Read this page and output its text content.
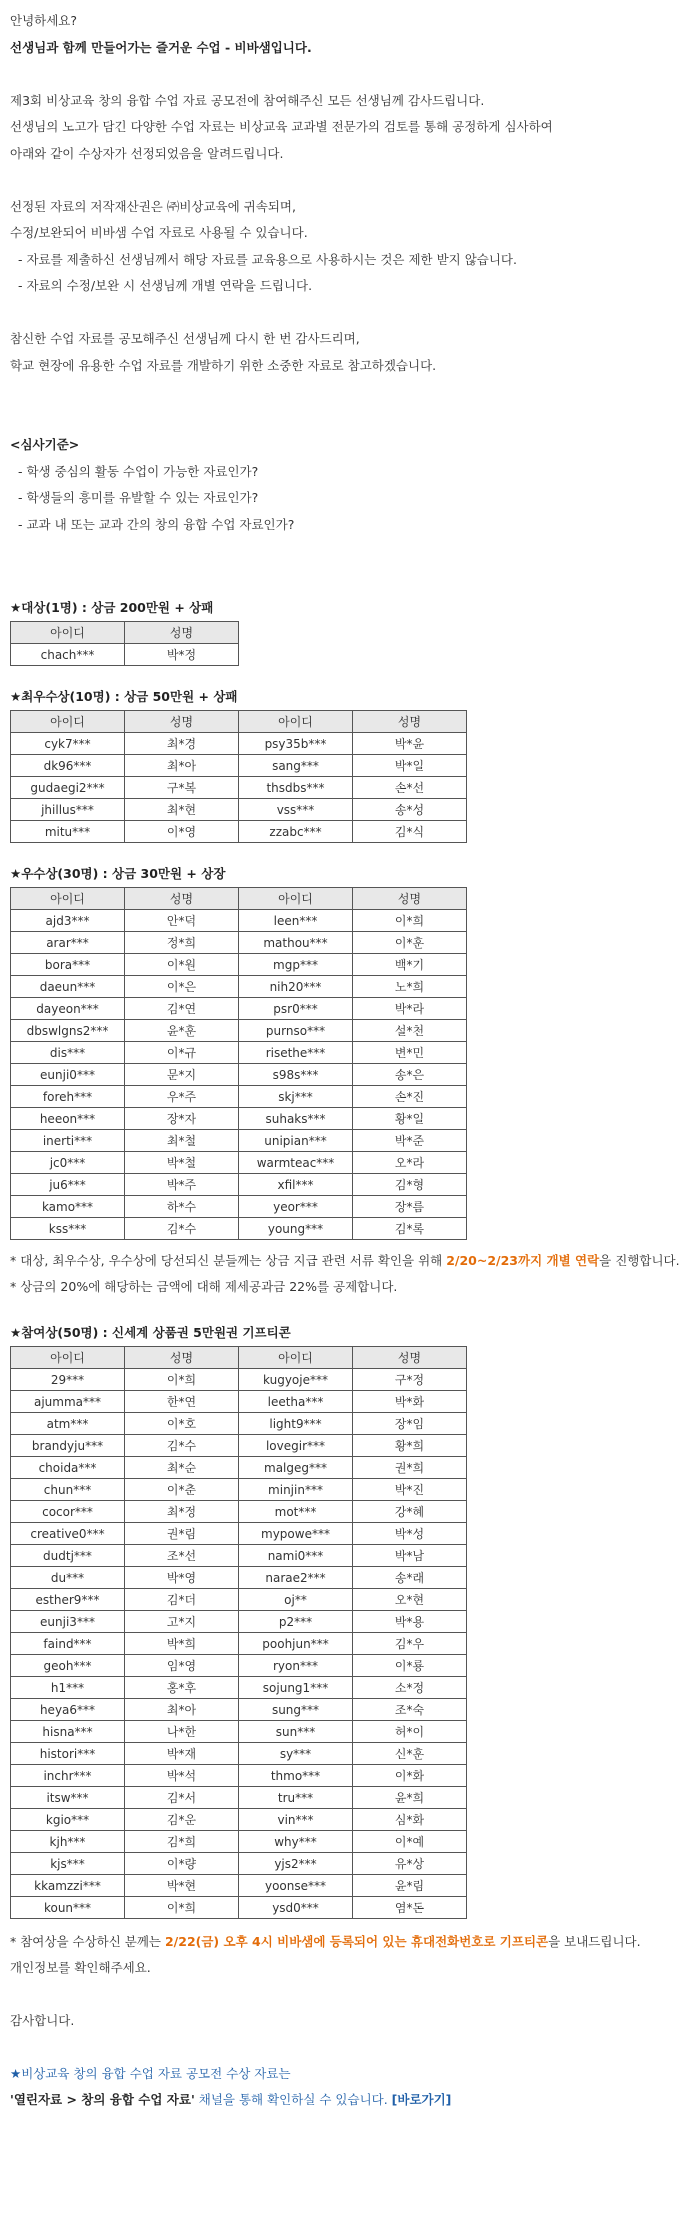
안녕하세요?
선생님과 함께 만들어가는 즐거운 수업 - 비바샘입니다.
제3회 비상교육 창의 융합 수업 자료 공모전에 참여해주신 모든 선생님께 감사드립니다.
선생님의 노고가 담긴 다양한 수업 자료는 비상교육 교과별 전문가의 검토를 통해 공정하게 심사하여
아래와 같이 수상자가 선정되었음을 알려드립니다.
선정된 자료의 저작재산권은 ㈜비상교육에 귀속되며,
수정/보완되어 비바샘 수업 자료로 사용될 수 있습니다.
- 자료를 제출하신 선생님께서 해당 자료를 교육용으로 사용하시는 것은 제한 받지 않습니다.
- 자료의 수정/보완 시 선생님께 개별 연락을 드립니다.
참신한 수업 자료를 공모해주신 선생님께 다시 한 번 감사드리며,
학교 현장에 유용한 수업 자료를 개발하기 위한 소중한 자료로 참고하겠습니다.
<심사기준>
- 학생 중심의 활동 수업이 가능한 자료인가?
- 학생들의 흥미를 유발할 수 있는 자료인가?
- 교과 내 또는 교과 간의 창의 융합 수업 자료인가?
★대상(1명) : 상금 200만원 + 상패
아이디	성명
chach***	박*정
★최우수상(10명) : 상금 50만원 + 상패
아이디	성명	아이디	성명
cyk7***	최*경	psy35b***	박*윤
dk96***	최*아	sang***	박*일
gudaegi2***	구*복	thsdbs***	손*선
jhillus***	최*현	vss***	송*성
mitu***	이*영	zzabc***	김*식
★우수상(30명) : 상금 30만원 + 상장
아이디	성명	아이디	성명
ajd3***	안*덕	leen***	이*희
arar***	정*희	mathou***	이*훈
bora***	이*원	mgp***	백*기
daeun***	이*은	nih20***	노*희
dayeon***	김*연	psr0***	박*라
dbswlgns2***	윤*훈	purnso***	설*천
dis***	이*규	risethe***	변*민
eunji0***	문*지	s98s***	송*은
foreh***	우*주	skj***	손*진
heeon***	장*자	suhaks***	황*일
inerti***	최*철	unipian***	박*준
jc0***	박*철	warmteac***	오*라
ju6***	박*주	xfil***	김*형
kamo***	하*수	yeor***	장*름
kss***	김*수	young***	김*록
* 대상, 최우수상, 우수상에 당선되신 분들께는 상금 지급 관련 서류 확인을 위해 2/20~2/23까지 개별 연락을 진행합니다.
* 상금의 20%에 해당하는 금액에 대해 제세공과금 22%를 공제합니다.
★참여상(50명) : 신세계 상품권 5만원권 기프티콘
아이디	성명	아이디	성명
29***	이*희	kugyoje***	구*정
ajumma***	한*연	leetha***	박*화
atm***	이*호	light9***	장*임
brandyju***	김*수	lovegir***	황*희
choida***	최*순	malgeg***	권*희
chun***	이*춘	minjin***	박*진
cocor***	최*정	mot***	강*혜
creative0***	권*림	mypowe***	박*성
dudtj***	조*선	nami0***	박*남
du***	박*영	narae2***	송*래
esther9***	김*더	oj**	오*현
eunji3***	고*지	p2***	박*용
faind***	박*희	poohjun***	김*우
geoh***	임*영	ryon***	이*룡
h1***	홍*후	sojung1***	소*정
heya6***	최*아	sung***	조*숙
hisna***	나*한	sun***	허*이
histori***	박*재	sy***	신*훈
inchr***	박*석	thmo***	이*화
itsw***	김*서	tru***	윤*희
kgio***	김*운	vin***	심*화
kjh***	김*희	why***	이*예
kjs***	이*량	yjs2***	유*상
kkamzzi***	박*현	yoonse***	윤*림
koun***	이*희	ysd0***	염*돈
* 참여상을 수상하신 분께는 2/22(금) 오후 4시 비바샘에 등록되어 있는 휴대전화번호로 기프티콘을 보내드립니다.
개인정보를 확인해주세요.
감사합니다.
★비상교육 창의 융합 수업 자료 공모전 수상 자료는
'열린자료 > 창의 융합 수업 자료' 채널을 통해 확인하실 수 있습니다. [바로가기]
